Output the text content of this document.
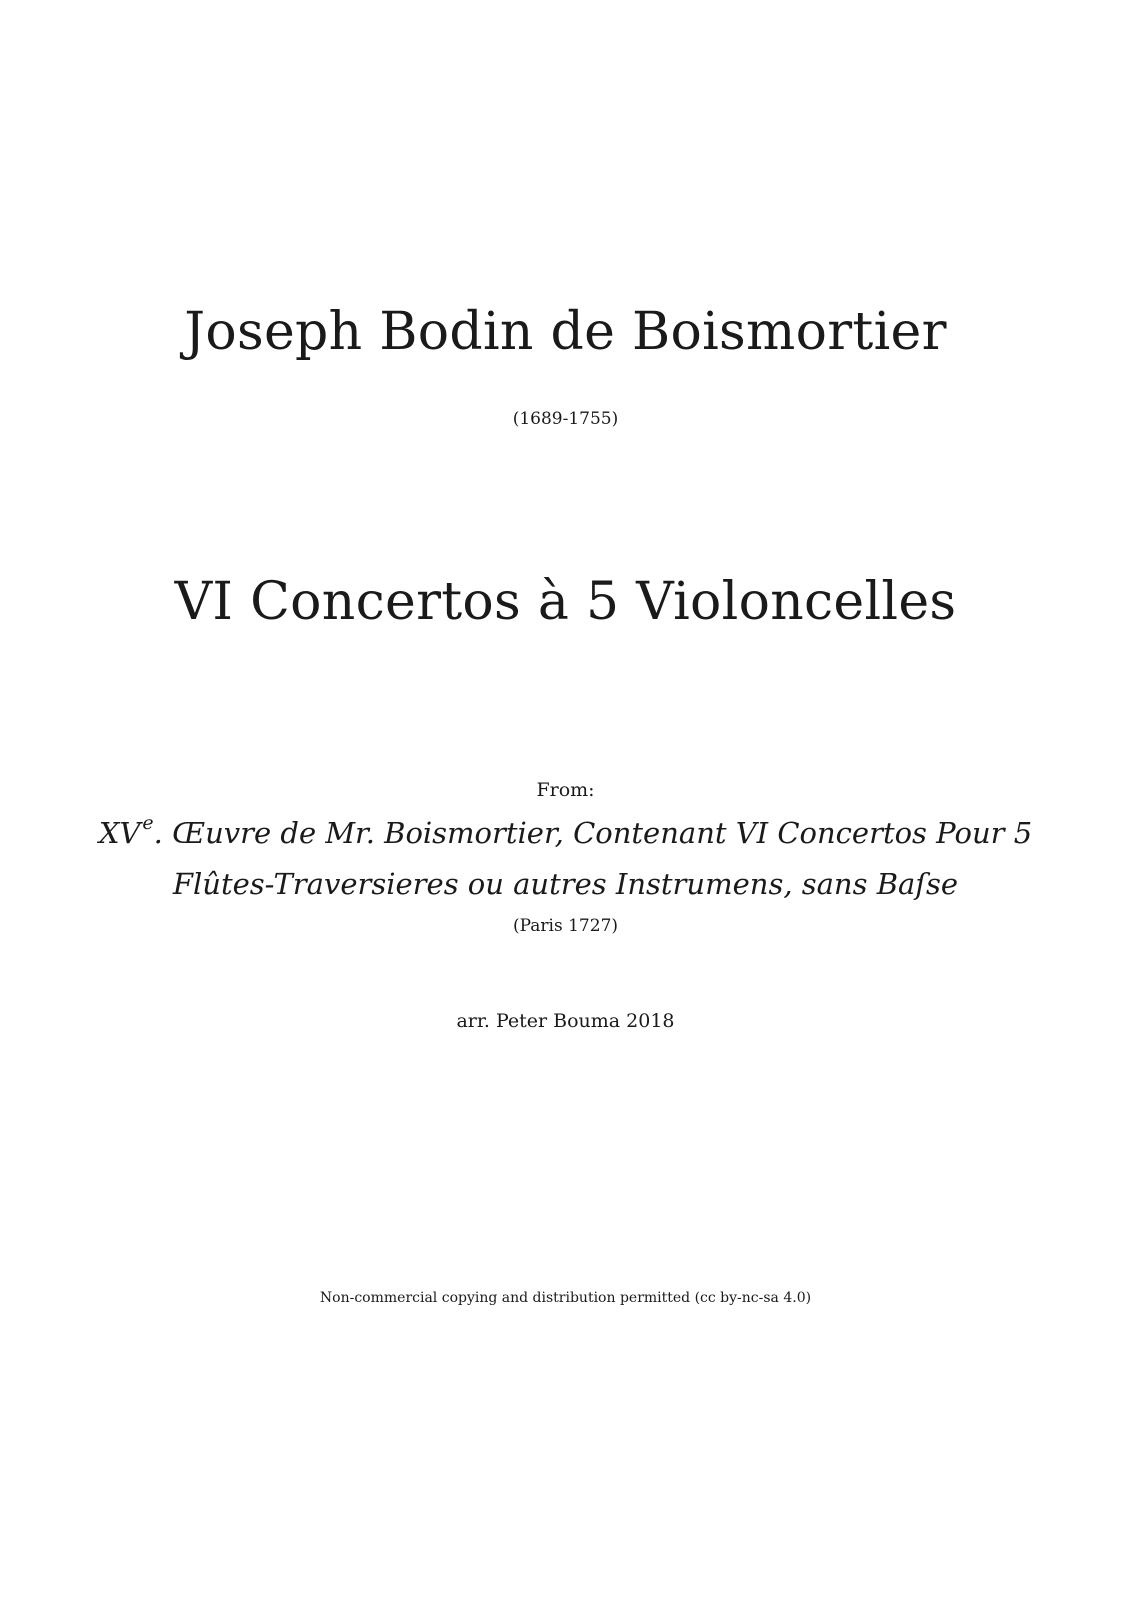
Joseph Bodin de Boismortier
(1689-1755)
VI Concertos à 5 Violoncelles
From:
XV $^e$. Œuvre de Mr. Boismortier, Contenant VI Concertos Pour 5
Flûtes-Traversieres ou autres Instrumens, sans Baſse
(Paris 1727)
arr. Peter Bouma 2018
Non-commercial copying and distribution permitted (cc by-nc-sa 4.0)
